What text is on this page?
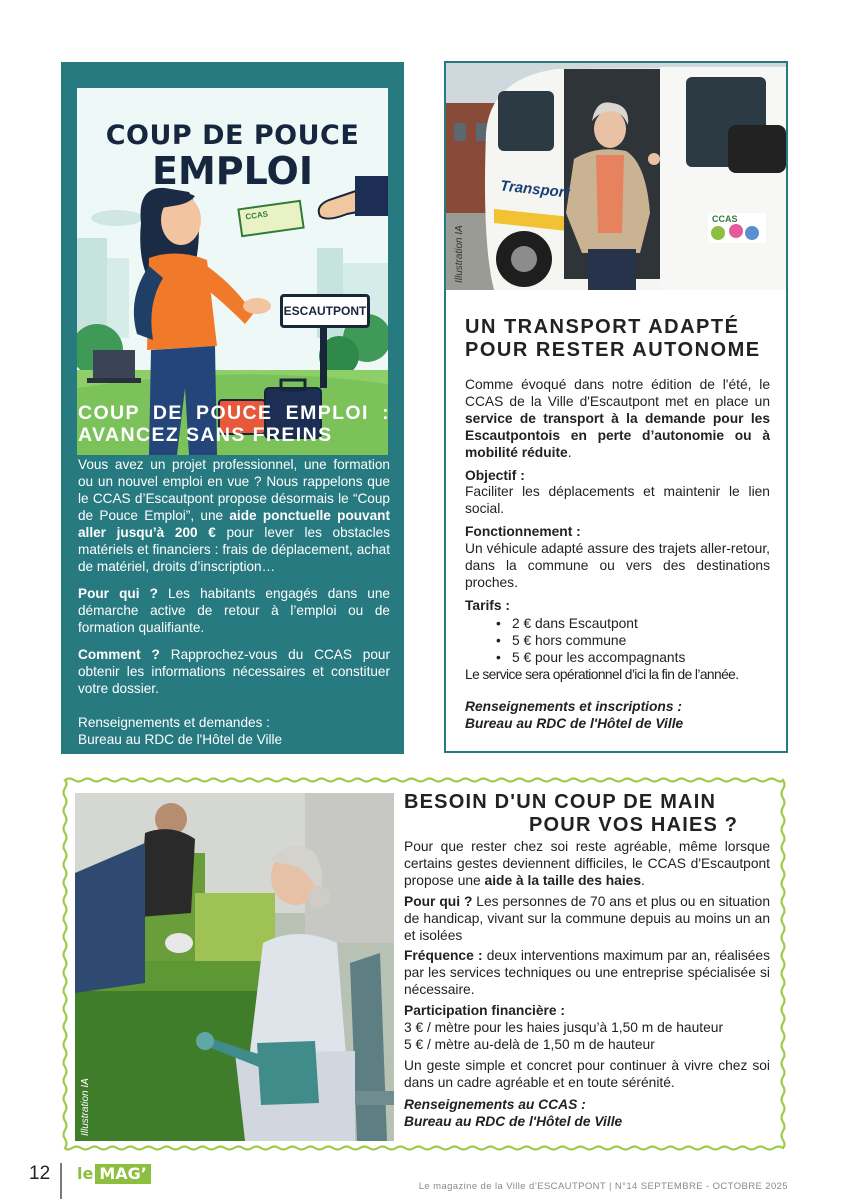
COUP DE POUCE
EMPLOI
CCAS
ESCAUTPONT
COUP DE POUCE EMPLOI :
AVANCEZ SANS FREINS

Vous avez un projet professionnel, une formation ou un nouvel emploi en vue ? Nous rappelons que le CCAS d’Escautpont propose désormais le “Coup de Pouce Emploi”, une aide ponctuelle pouvant aller jusqu’à 200 € pour lever les obstacles matériels et financiers : frais de déplacement, achat de matériel, droits d’inscription…

Pour qui ? Les habitants engagés dans une démarche active de retour à l’emploi ou de formation qualifiante.

Comment ? Rapprochez-vous du CCAS pour obtenir les informations nécessaires et constituer votre dossier.

Renseignements et demandes :
Bureau au RDC de l'Hôtel de Ville

Transport
CCAS
Illustration IA
UN TRANSPORT ADAPTÉ
POUR RESTER AUTONOME

Comme évoqué dans notre édition de l'été, le CCAS de la Ville d'Escautpont met en place un service de transport à la demande pour les Escautpontois en perte d’autonomie ou à mobilité réduite.

Objectif :

Faciliter les déplacements et maintenir le lien social.

Fonctionnement :

Un véhicule adapté assure des trajets aller-retour, dans la commune ou vers des destinations proches.

Tarifs :

• 2 € dans Escautpont
• 5 € hors commune
• 5 € pour les accompagnants

Le service sera opérationnel d’ici la fin de l’année.

Renseignements et inscriptions :
Bureau au RDC de l'Hôtel de Ville

Illustration IA
BESOIN D'UN COUP DE MAIN
POUR VOS HAIES ?

Pour que rester chez soi reste agréable, même lorsque certains gestes deviennent difficiles, le CCAS d'Escautpont propose une aide à la taille des haies.

Pour qui ? Les personnes de 70 ans et plus ou en situation de handicap, vivant sur la commune depuis au moins un an et isolées

Fréquence : deux interventions maximum par an, réalisées par les services techniques ou une entreprise spécialisée si nécessaire.

Participation financière :

3 € / mètre pour les haies jusqu’à 1,50 m de hauteur

5 € / mètre au-delà de 1,50 m de hauteur

Un geste simple et concret pour continuer à vivre chez soi dans un cadre agréable et en toute sérénité.

Renseignements au CCAS :
Bureau au RDC de l'Hôtel de Ville

12 le MAG’
Le magazine de la Ville d’ESCAUTPONT | N°14 SEPTEMBRE - OCTOBRE 2025
